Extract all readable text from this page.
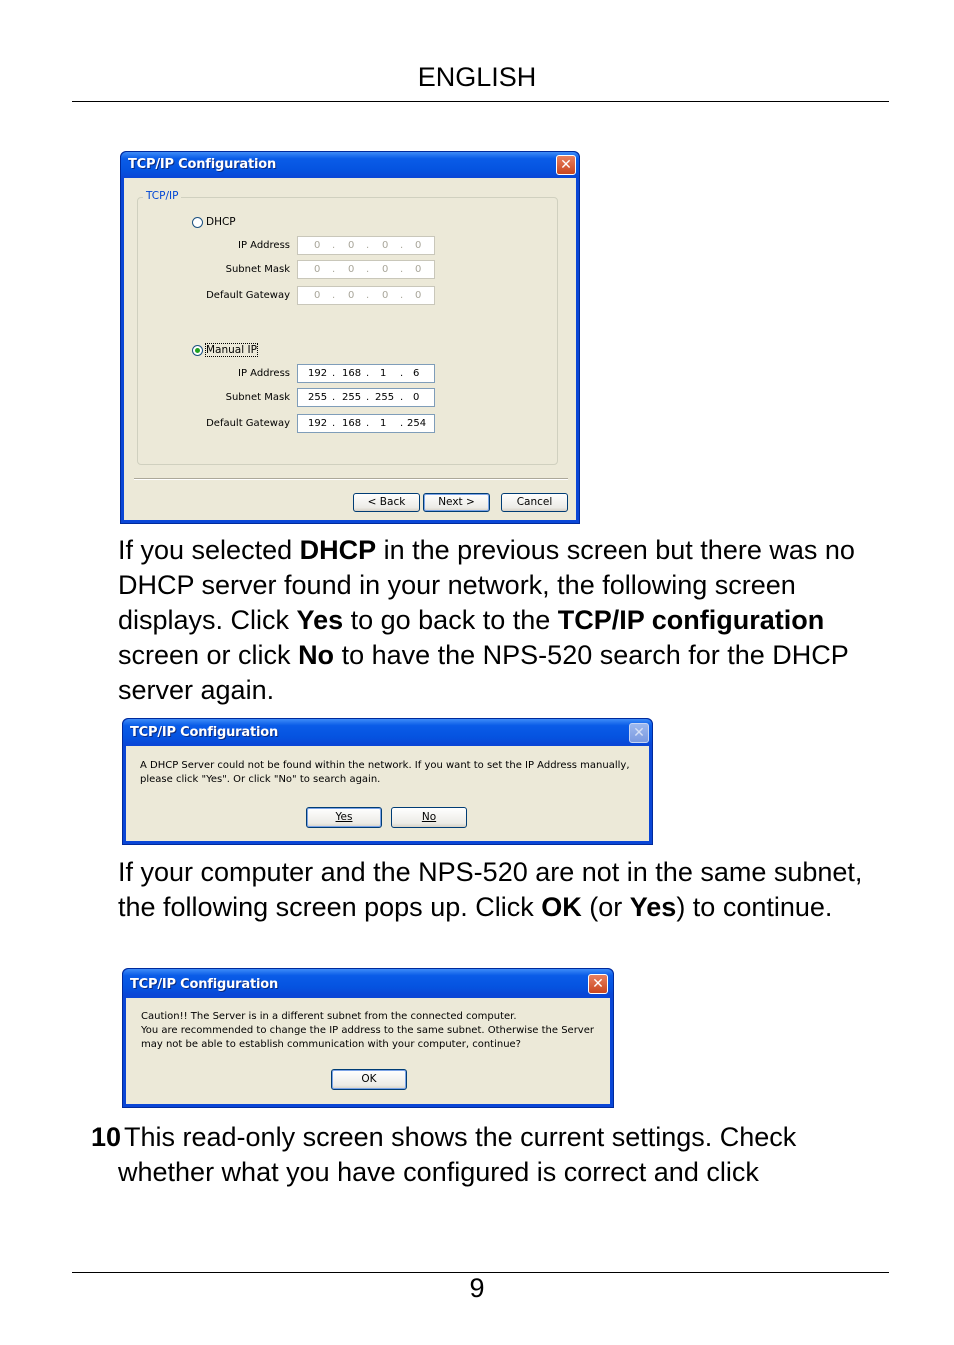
ENGLISH
TCP/IP Configuration	✕
TCP/IP
DHCP
IP Address 0 . 0 . 0 . 0
Subnet Mask 0 . 0 . 0 . 0
Default Gateway 0 . 0 . 0 . 0
Manual IP
IP Address 192 . 168 . 1 . 6
Subnet Mask 255 . 255 . 255 . 0
Default Gateway 192 . 168 . 1 . 254
< Back	Next >	Cancel
If you selected DHCP in the previous screen but there was no DHCP server found in your network, the following screen displays. Click Yes to go back to the TCP/IP configuration screen or click No to have the NPS-520 search for the DHCP server again.
TCP/IP Configuration	✕
A DHCP Server could not be found within the network. If you want to set the IP Address manually,
please click "Yes". Or click "No" to search again.
Yes	No
If your computer and the NPS-520 are not in the same subnet, the following screen pops up. Click OK (or Yes) to continue.
TCP/IP Configuration	✕
Caution!! The Server is in a different subnet from the connected computer.
You are recommended to change the IP address to the same subnet. Otherwise the Server
may not be able to establish communication with your computer, continue?
OK
10 This read-only screen shows the current settings. Check whether what you have configured is correct and click
9
